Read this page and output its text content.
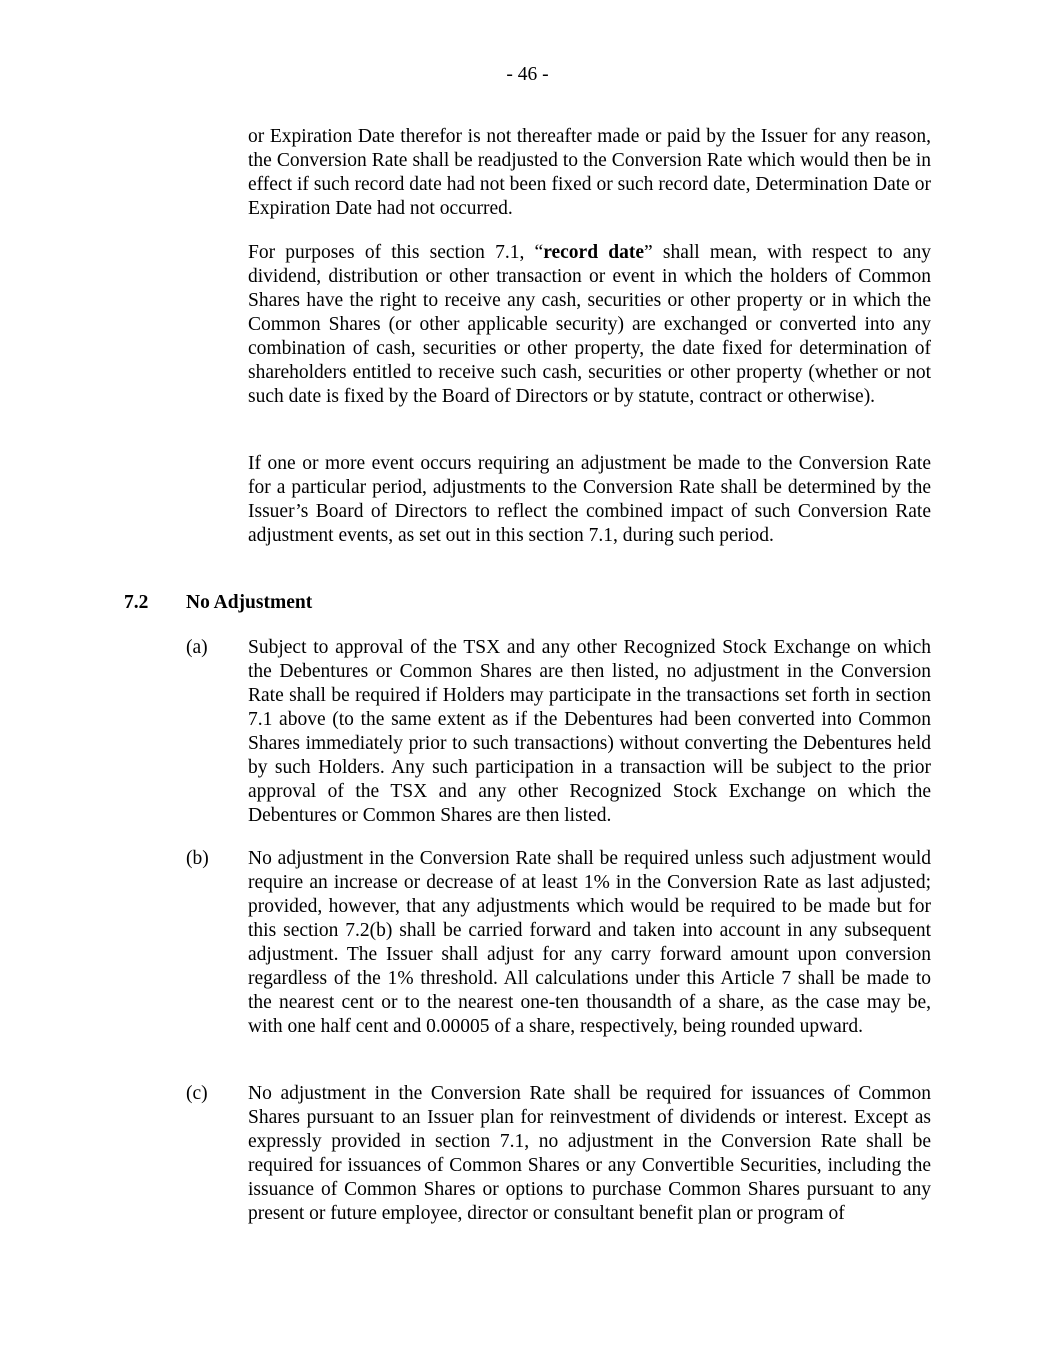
- 46 -

or Expiration Date therefor is not thereafter made or paid by the Issuer for any reason, the Conversion Rate shall be readjusted to the Conversion Rate which would then be in effect if such record date had not been fixed or such record date, Determination Date or Expiration Date had not occurred.

For purposes of this section 7.1, “record date” shall mean, with respect to any dividend, distribution or other transaction or event in which the holders of Common Shares have the right to receive any cash, securities or other property or in which the Common Shares (or other applicable security) are exchanged or converted into any combination of cash, securities or other property, the date fixed for determination of shareholders entitled to receive such cash, securities or other property (whether or not such date is fixed by the Board of Directors or by statute, contract or otherwise).

If one or more event occurs requiring an adjustment be made to the Conversion Rate for a particular period, adjustments to the Conversion Rate shall be determined by the Issuer’s Board of Directors to reflect the combined impact of such Conversion Rate adjustment events, as set out in this section 7.1, during such period.

7.2 No Adjustment

(a)	Subject to approval of the TSX and any other Recognized Stock Exchange on which the Debentures or Common Shares are then listed, no adjustment in the Conversion Rate shall be required if Holders may participate in the transactions set forth in section 7.1 above (to the same extent as if the Debentures had been converted into Common Shares immediately prior to such transactions) without converting the Debentures held by such Holders. Any such participation in a transaction will be subject to the prior approval of the TSX and any other Recognized Stock Exchange on which the Debentures or Common Shares are then listed.
(b)	No adjustment in the Conversion Rate shall be required unless such adjustment would require an increase or decrease of at least 1% in the Conversion Rate as last adjusted; provided, however, that any adjustments which would be required to be made but for this section 7.2(b) shall be carried forward and taken into account in any subsequent adjustment. The Issuer shall adjust for any carry forward amount upon conversion regardless of the 1% threshold. All calculations under this Article 7 shall be made to the nearest cent or to the nearest one-ten thousandth of a share, as the case may be, with one half cent and 0.00005 of a share, respectively, being rounded upward.
(c)	No adjustment in the Conversion Rate shall be required for issuances of Common Shares pursuant to an Issuer plan for reinvestment of dividends or interest. Except as expressly provided in section 7.1, no adjustment in the Conversion Rate shall be required for issuances of Common Shares or any Convertible Securities, including the issuance of Common Shares or options to purchase Common Shares pursuant to any present or future employee, director or consultant benefit plan or program of
